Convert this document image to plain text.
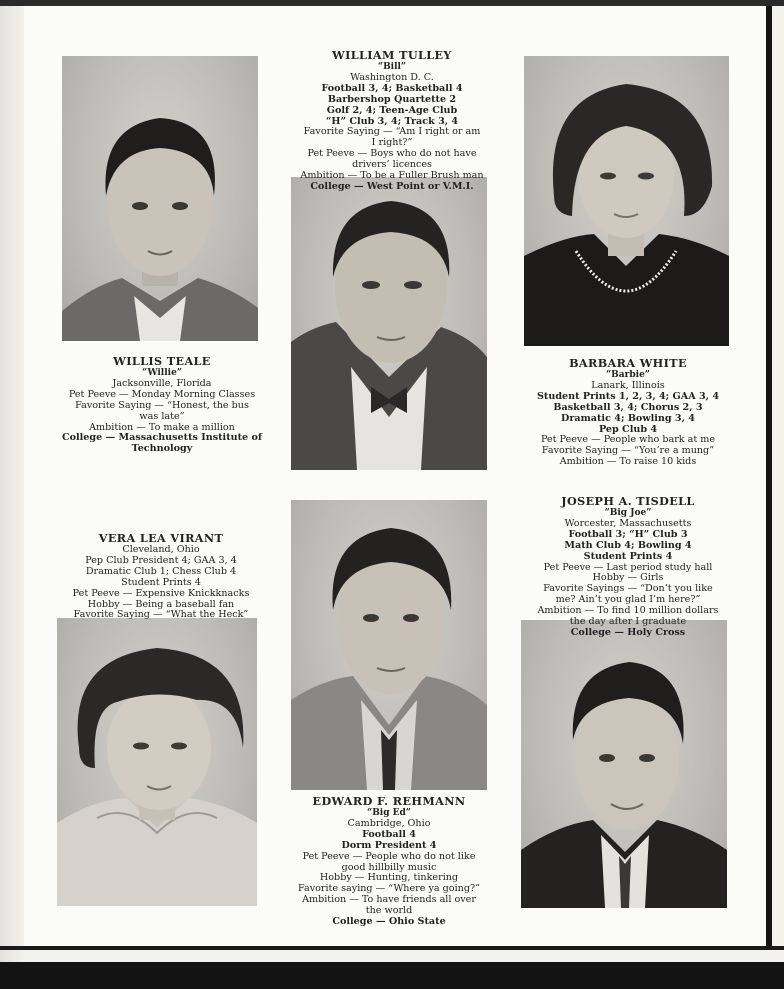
WILLIAM TULLEY
“Bill”
Washington D. C.
Football 3, 4; Basketball 4
Barbershop Quartette 2
Golf 2, 4; Teen-Age Club
“H” Club 3, 4; Track 3, 4
Favorite Saying — “Am I right or am
I right?”
Pet Peeve — Boys who do not have
drivers’ licences
Ambition — To be a Fuller Brush man
College — West Point or V.M.I.
WILLIS TEALE
“Willie”
Jacksonville, Florida
Pet Peeve — Monday Morning Classes
Favorite Saying — “Honest, the bus
was late”
Ambition — To make a million
College — Massachusetts Institute of
Technology
BARBARA WHITE
“Barbie”
Lanark, Illinois
Student Prints 1, 2, 3, 4; GAA 3, 4
Basketball 3, 4; Chorus 2, 3
Dramatic 4; Bowling 3, 4
Pep Club 4
Pet Peeve — People who bark at me
Favorite Saying — “You’re a mung”
Ambition — To raise 10 kids
VERA LEA VIRANT
Cleveland, Ohio
Pep Club President 4; GAA 3, 4
Dramatic Club 1; Chess Club 4
Student Prints 4
Pet Peeve — Expensive Knickknacks
Hobby — Being a baseball fan
Favorite Saying — “What the Heck”
JOSEPH A. TISDELL
“Big Joe”
Worcester, Massachusetts
Football 3; “H” Club 3
Math Club 4; Bowling 4
Student Prints 4
Pet Peeve — Last period study hall
Hobby — Girls
Favorite Sayings — “Don’t you like
me? Ain’t you glad I’m here?”
Ambition — To find 10 million dollars
the day after I graduate
College — Holy Cross
EDWARD F. REHMANN
“Big Ed”
Cambridge, Ohio
Football 4
Dorm President 4
Pet Peeve — People who do not like
good hillbilly music
Hobby — Hunting, tinkering
Favorite saying — “Where ya going?”
Ambition — To have friends all over
the world
College — Ohio State
